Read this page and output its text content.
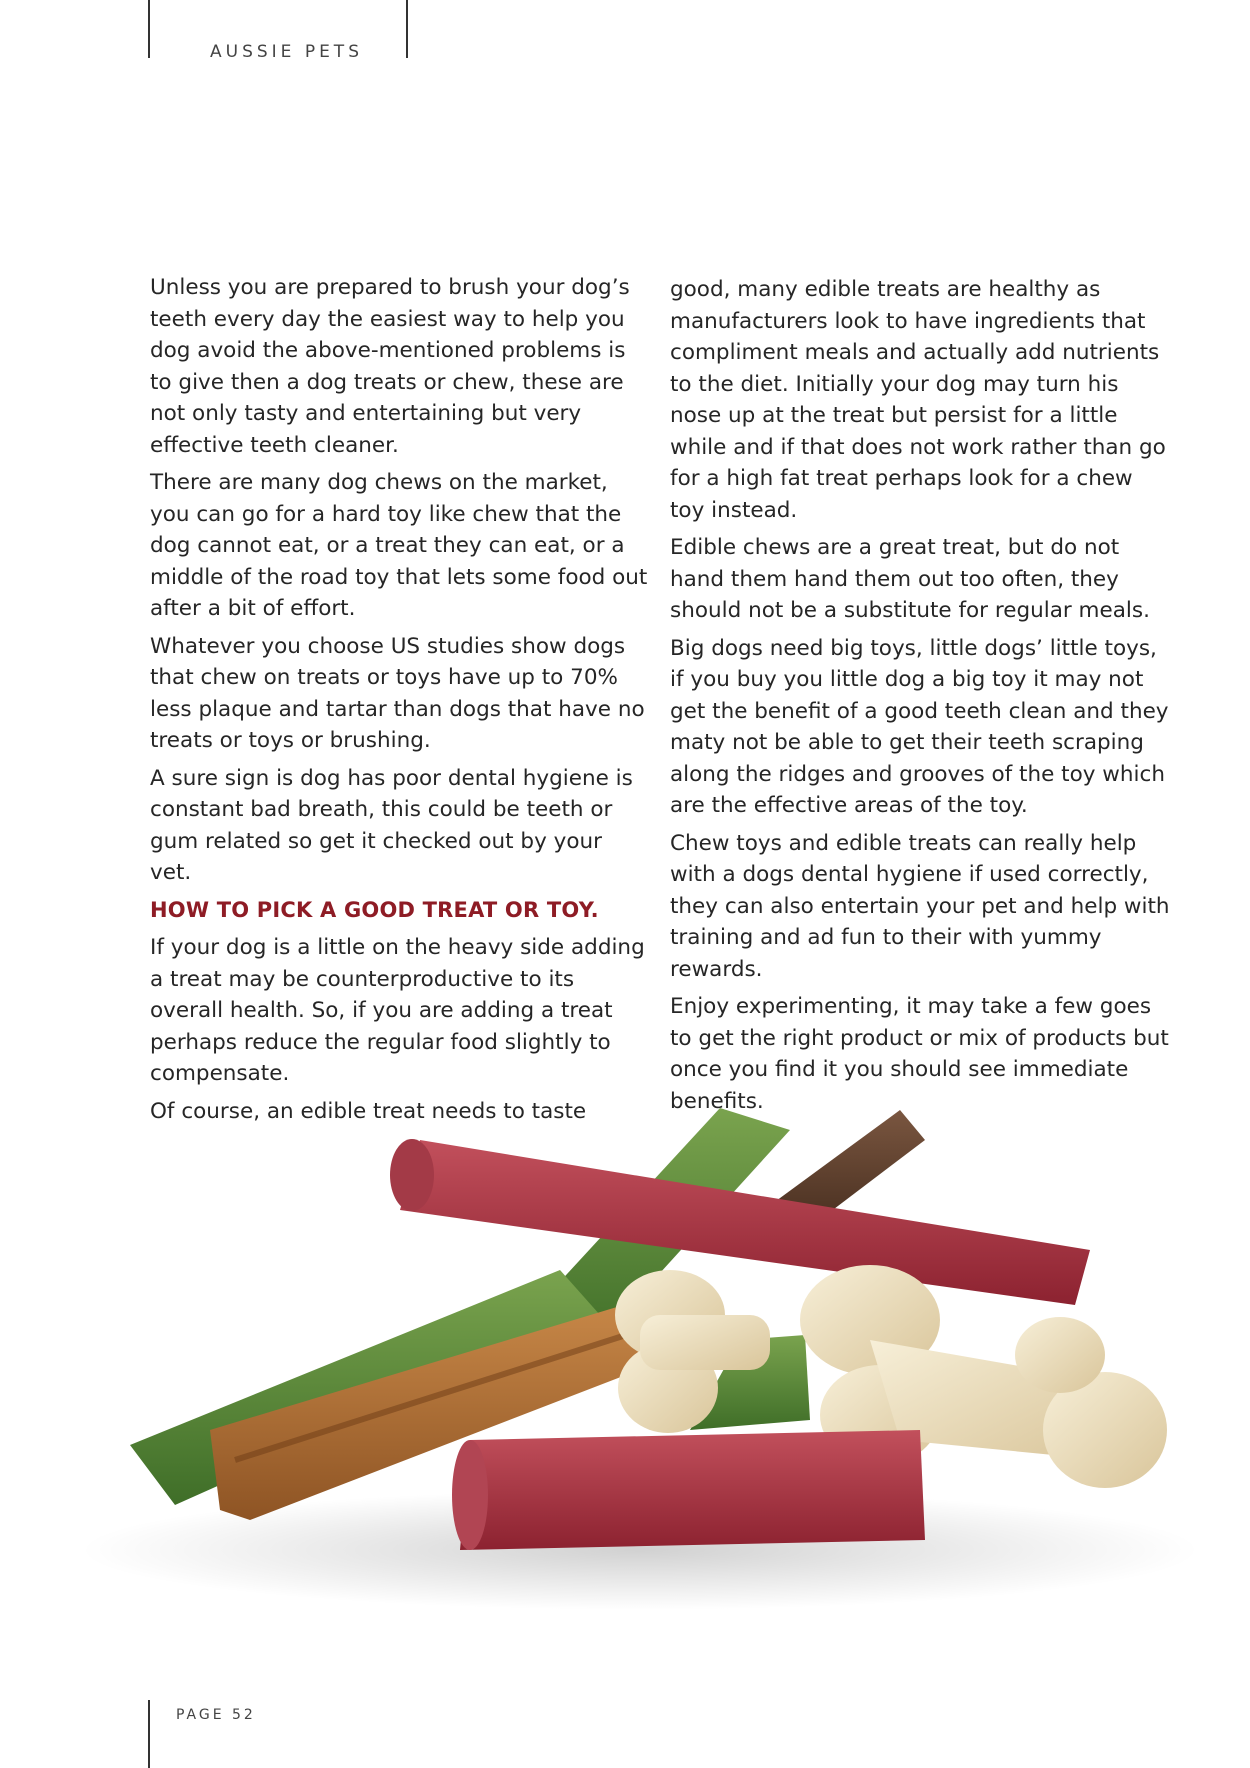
AUSSIE PETS

Unless you are prepared to brush your dog’s teeth every day the easiest way to help you dog avoid the above-mentioned problems is to give then a dog treats or chew, these are not only tasty and entertaining but very effective teeth cleaner.

There are many dog chews on the market, you can go for a hard toy like chew that the dog cannot eat, or a treat they can eat, or a middle of the road toy that lets some food out after a bit of effort.

Whatever you choose US studies show dogs that chew on treats or toys have up to 70% less plaque and tartar than dogs that have no treats or toys or brushing.

A sure sign is dog has poor dental hygiene is constant bad breath, this could be teeth or gum related so get it checked out by your vet.

HOW TO PICK A GOOD TREAT OR TOY.

If your dog is a little on the heavy side adding a treat may be counterproductive to its overall health. So, if you are adding a treat perhaps reduce the regular food slightly to compensate.

Of course, an edible treat needs to taste

good, many edible treats are healthy as manufacturers look to have ingredients that compliment meals and actually add nutrients to the diet. Initially your dog may turn his nose up at the treat but persist for a little while and if that does not work rather than go for a high fat treat perhaps look for a chew toy instead.

Edible chews are a great treat, but do not hand them hand them out too often, they should not be a substitute for regular meals.

Big dogs need big toys, little dogs’ little toys, if you buy you little dog a big toy it may not get the benefit of a good teeth clean and they maty not be able to get their teeth scraping along the ridges and grooves of the toy which are the effective areas of the toy.

Chew toys and edible treats can really help with a dogs dental hygiene if used correctly, they can also entertain your pet and help with training and ad fun to their with yummy rewards.

Enjoy experimenting, it may take a few goes to get the right product or mix of products but once you find it you should see immediate benefits.

PAGE 52
